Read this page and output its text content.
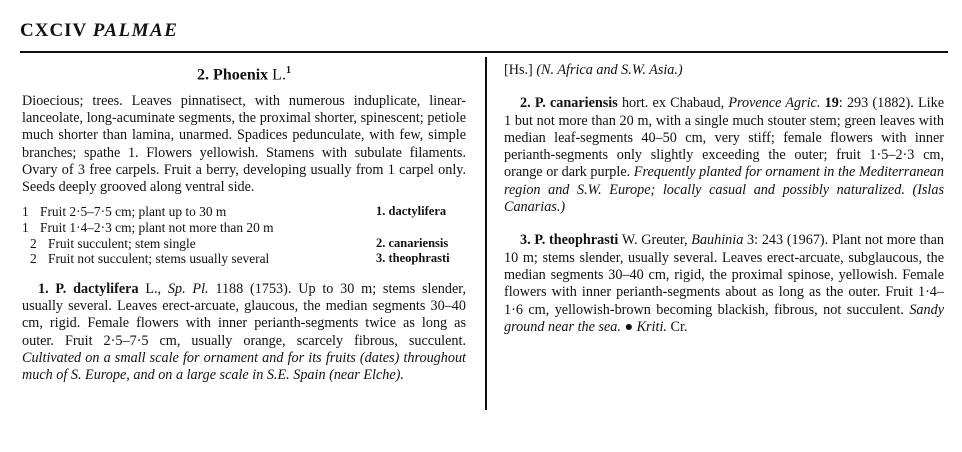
CXCIV PALMAE
2. Phoenix L.$^1$

Dioecious; trees. Leaves pinnatisect, with numerous induplicate, linear-lanceolate, long-acuminate segments, the proximal shorter, spinescent; petiole much shorter than lamina, unarmed. Spadices pedunculate, with few, simple branches; spathe 1. Flowers yellowish. Stamens with subulate filaments. Ovary of 3 free carpels. Fruit a berry, developing usually from 1 carpel only. Seeds deeply grooved along ventral side.

1 Fruit 2·5–7·5 cm; plant up to 30 m	1. dactylifera
1 Fruit 1·4–2·3 cm; plant not more than 20 m
2 Fruit succulent; stem single	2. canariensis
2 Fruit not succulent; stems usually several	3. theophrasti

1. P. dactylifera L., Sp. Pl. 1188 (1753). Up to 30 m; stems slender, usually several. Leaves erect-arcuate, glaucous, the median segments 30–40 cm, rigid. Female flowers with inner perianth-segments twice as long as outer. Fruit 2·5–7·5 cm, usually orange, scarcely fibrous, succulent. Cultivated on a small scale for ornament and for its fruits (dates) throughout much of S. Europe, and on a large scale in S.E. Spain (near Elche).

[Hs.] (N. Africa and S.W. Asia.)

2. P. canariensis hort. ex Chabaud, Provence Agric. 19: 293 (1882). Like 1 but not more than 20 m, with a single much stouter stem; green leaves with median leaf-segments 40–50 cm, very stiff; female flowers with inner perianth-segments only slightly exceeding the outer; fruit 1·5–2·3 cm, orange or dark purple. Frequently planted for ornament in the Mediterranean region and S.W. Europe; locally casual and possibly naturalized. (Islas Canarias.)

3. P. theophrasti W. Greuter, Bauhinia 3: 243 (1967). Plant not more than 10 m; stems slender, usually several. Leaves erect-arcuate, subglaucous, the median segments 30–40 cm, rigid, the proximal spinose, yellowish. Female flowers with inner perianth-segments about as long as the outer. Fruit 1·4–1·6 cm, yellowish-brown becoming blackish, fibrous, not succulent. Sandy ground near the sea. ● Kriti. Cr.
